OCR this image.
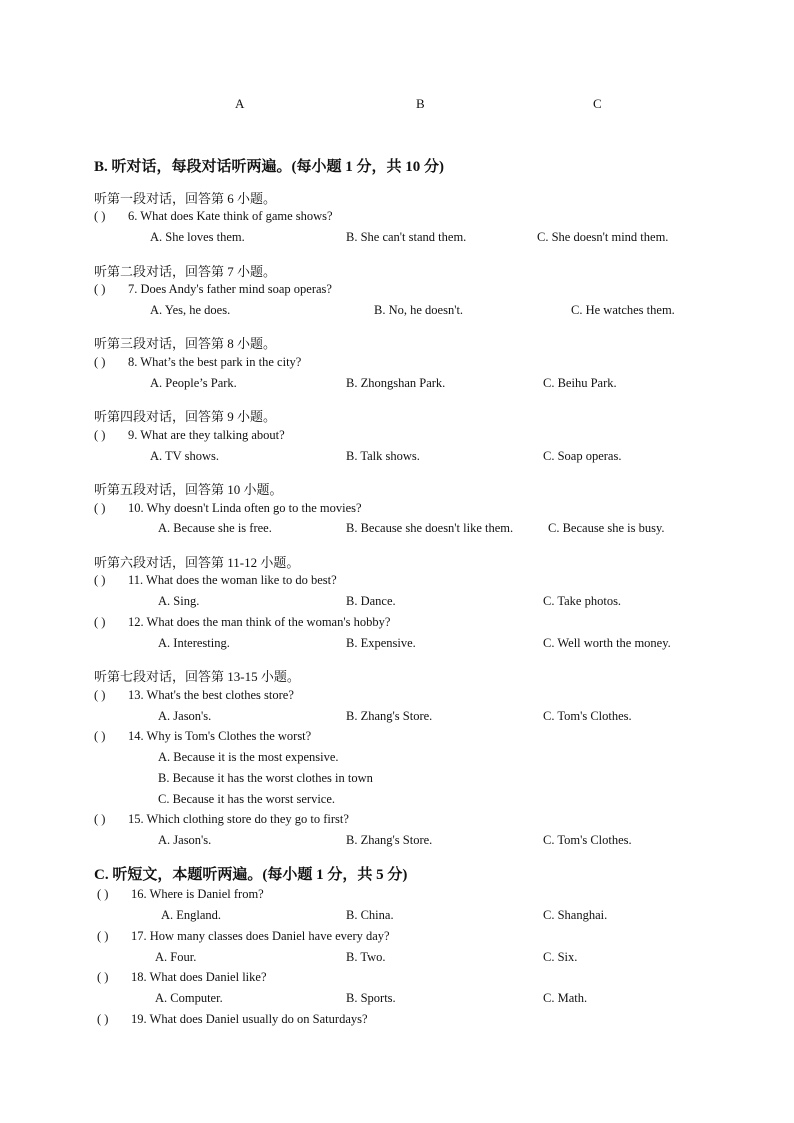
A	B	C
B. 听对话，每段对话听两遍。(每小题 1 分，共 10 分)
听第一段对话，回答第 6 小题。
( ) 6. What does Kate think of game shows?
A. She loves them.	B. She can't stand them.	C. She doesn't mind them.
听第二段对话，回答第 7 小题。
( ) 7. Does Andy's father mind soap operas?
A. Yes, he does.	B. No, he doesn't.	C. He watches them.
听第三段对话，回答第 8 小题。
( ) 8. What’s the best park in the city?
A. People’s Park.	B. Zhongshan Park.	C. Beihu Park.
听第四段对话，回答第 9 小题。
( ) 9. What are they talking about?
A. TV shows.	B. Talk shows.	C. Soap operas.
听第五段对话，回答第 10 小题。
( ) 10. Why doesn't Linda often go to the movies?
A. Because she is free.	B. Because she doesn't like them.	C. Because she is busy.
听第六段对话，回答第 11-12 小题。
( ) 11. What does the woman like to do best?
A. Sing.	B. Dance.	C. Take photos.
( ) 12. What does the man think of the woman's hobby?
A. Interesting.	B. Expensive.	C. Well worth the money.
听第七段对话，回答第 13-15 小题。
( ) 13. What's the best clothes store?
A. Jason's.	B. Zhang's Store.	C. Tom's Clothes.
( ) 14. Why is Tom's Clothes the worst?
A. Because it is the most expensive.
B. Because it has the worst clothes in town
C. Because it has the worst service.
( ) 15. Which clothing store do they go to first?
A. Jason's.	B. Zhang's Store.	C. Tom's Clothes.
C. 听短文，本题听两遍。(每小题 1 分，共 5 分)
( ) 16. Where is Daniel from?
A. England.	B. China.	C. Shanghai.
( ) 17. How many classes does Daniel have every day?
A. Four.	B. Two.	C. Six.
( ) 18. What does Daniel like?
A. Computer.	B. Sports.	C. Math.
( ) 19. What does Daniel usually do on Saturdays?
